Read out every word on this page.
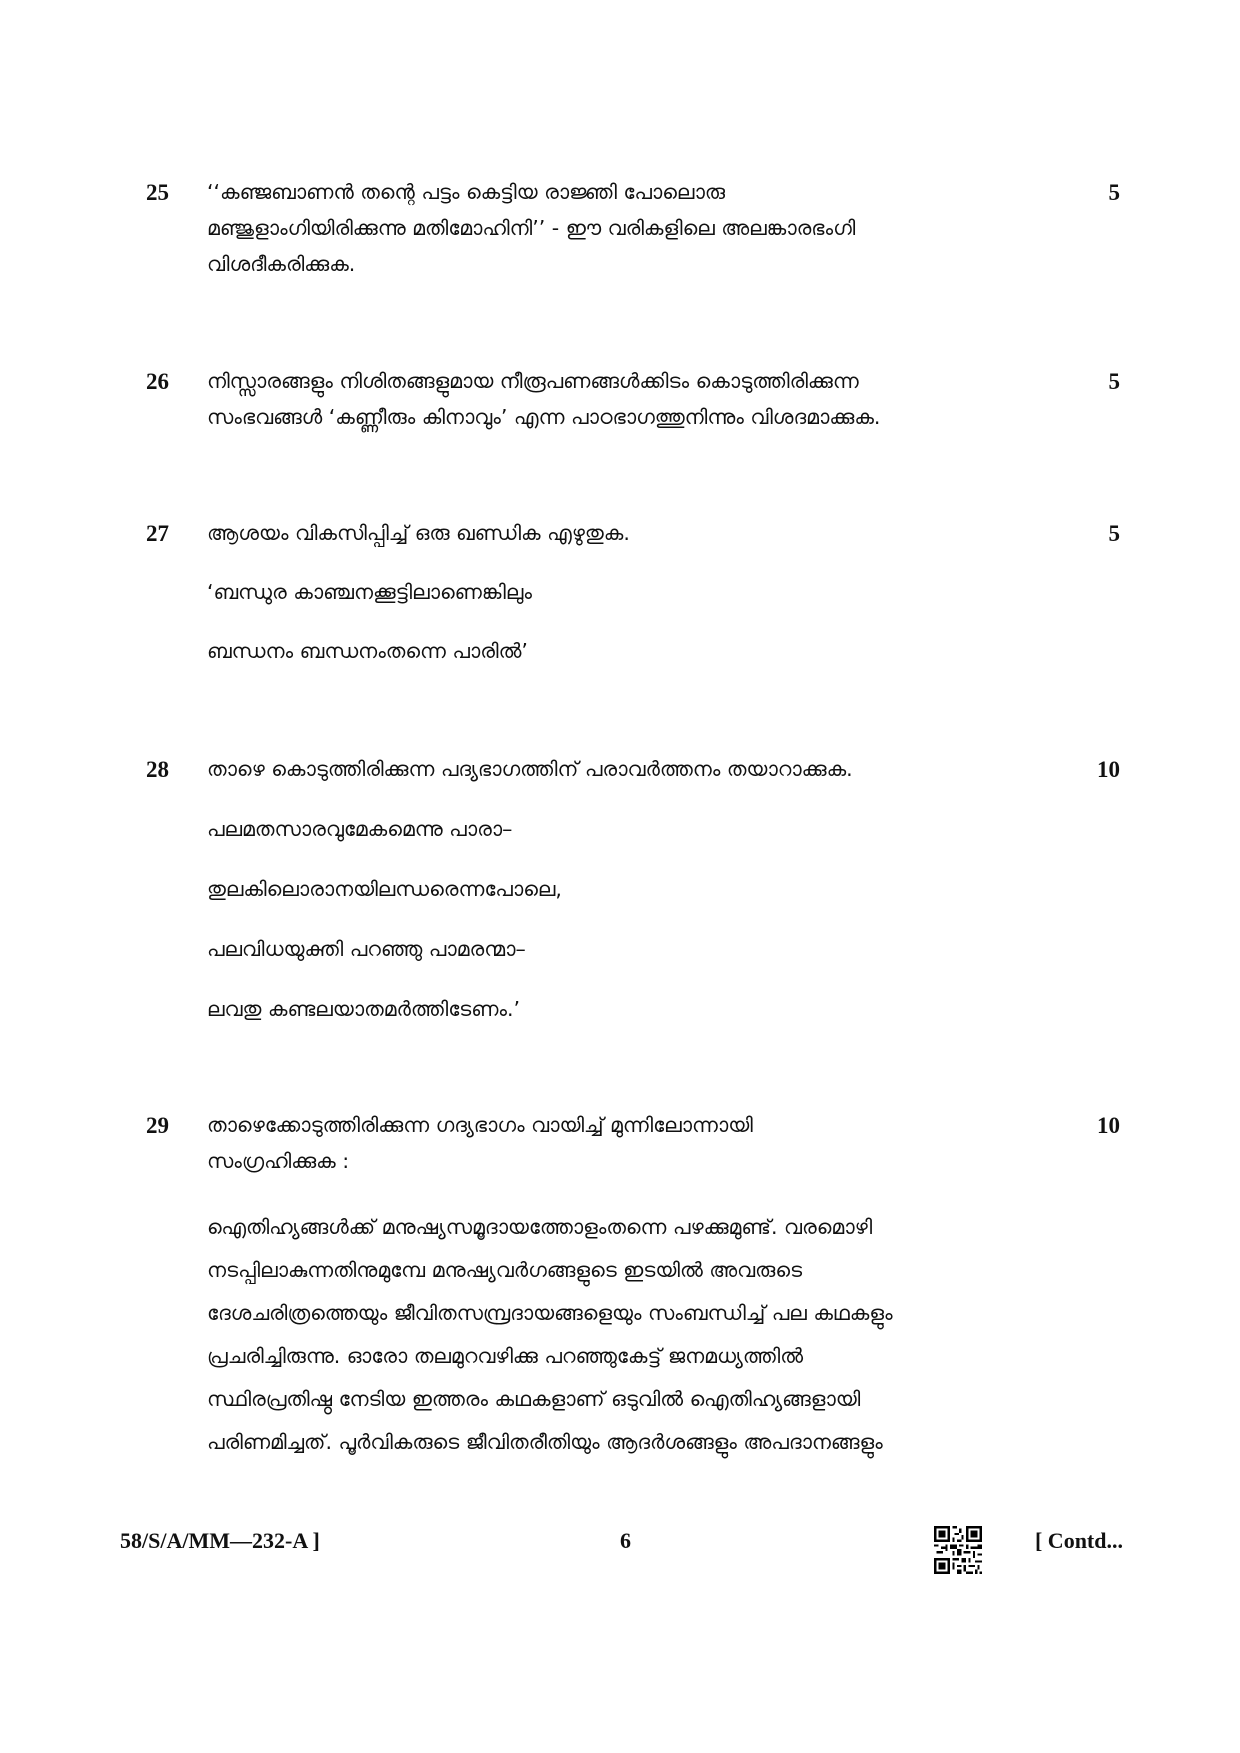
25	5
‘‘കഞ്ജബാണൻ തന്റെ പട്ടം കെട്ടിയ രാജ്ഞി പോലൊരു
മഞ്ജുളാംഗിയിരിക്കുന്നു മതിമോഹിനി’’ - ഈ വരികളിലെ അലങ്കാരഭംഗി
വിശദീകരിക്കുക.
26	5
നിസ്സാരങ്ങളും നിശിതങ്ങളുമായ നീരൂപണങ്ങൾക്കിടം കൊടുത്തിരിക്കുന്ന
സംഭവങ്ങൾ ‘കണ്ണീരും കിനാവും’ എന്ന പാഠഭാഗത്തുനിന്നും വിശദമാക്കുക.
27	5
ആശയം വികസിപ്പിച്ച് ഒരു ഖണ്ഡിക എഴുതുക.
‘ബന്ധുര കാഞ്ചനക്കൂട്ടിലാണെങ്കിലും
ബന്ധനം ബന്ധനംതന്നെ പാരിൽ’
28	10
താഴെ കൊടുത്തിരിക്കുന്ന പദ്യഭാഗത്തിന് പരാവർത്തനം തയാറാക്കുക.
പലമതസാരവുമേകമെന്നു പാരാ–
തുലകിലൊരാനയിലന്ധരെന്നപോലെ,
പലവിധയുക്തി പറഞ്ഞു പാമരന്മാ–
ലവതു കണ്ടലയാതമർത്തിടേണം.’
29	10
താഴെക്കോടുത്തിരിക്കുന്ന ഗദ്യഭാഗം വായിച്ച് മുന്നിലോന്നായി
സംഗ്രഹിക്കുക :
ഐതിഹ്യങ്ങൾക്ക് മനുഷ്യസമൂദായത്തോളംതന്നെ പഴക്കുമുണ്ട്. വരമൊഴി
നടപ്പിലാകുന്നതിനുമുമ്പേ മനുഷ്യവർഗങ്ങളുടെ ഇടയിൽ അവരുടെ
ദേശചരിത്രത്തെയും ജീവിതസമ്പ്രദായങ്ങളെയും സംബന്ധിച്ച് പല കഥകളും
പ്രചരിച്ചിരുന്നു. ഓരോ തലമുറവഴിക്കു പറഞ്ഞുകേട്ട് ജനമധ്യത്തിൽ
സ്ഥിരപ്രതിഷ്ഠ നേടിയ ഇത്തരം കഥകളാണ് ഒടുവിൽ ഐതിഹ്യങ്ങളായി
പരിണമിച്ചത്. പൂർവികരുടെ ജീവിതരീതിയും ആദർശങ്ങളും അപദാനങ്ങളും
58/S/A/MM—232-A ]	6	[ Contd...
